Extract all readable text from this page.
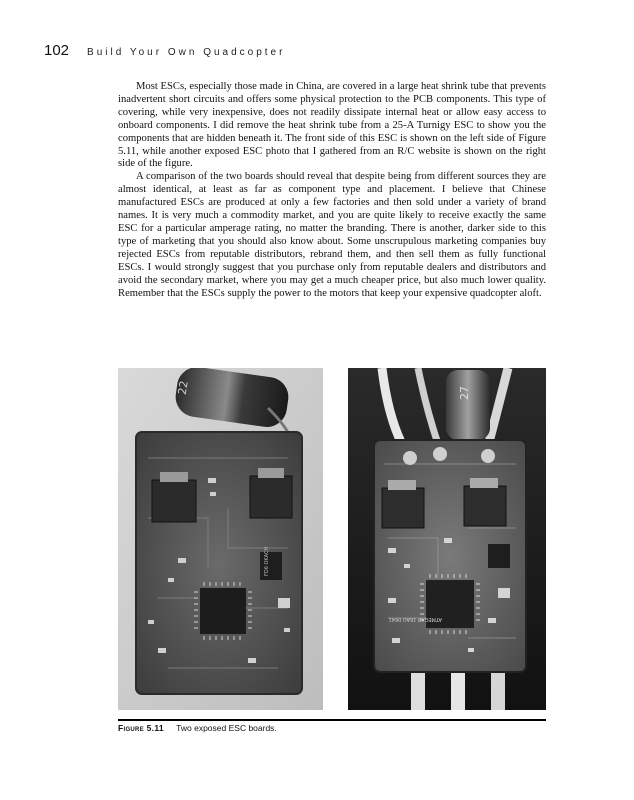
102 Build Your Own Quadcopter

Most ESCs, especially those made in China, are covered in a large heat shrink tube that prevents inadvertent short circuits and offers some physical protection to the PCB components. This type of covering, while very inexpensive, does not readily dissipate internal heat or allow easy access to onboard components. I did remove the heat shrink tube from a 25-A Turnigy ESC to show you the components that are hidden beneath it. The front side of this ESC is shown on the left side of Figure 5.11, while another exposed ESC photo that I gathered from an R/C website is shown on the right side of the figure.

A comparison of the two boards should reveal that despite being from different sources they are almost identical, at least as far as component type and placement. I believe that Chinese manufactured ESCs are produced at only a few factories and then sold under a variety of brand names. It is very much a commodity market, and you are quite likely to receive exactly the same ESC for a particular amperage rating, no matter the branding. There is another, darker side to this type of marketing that you should also know about. Some unscrupulous marketing companies buy rejected ESCs from reputable distributors, rebrand them, and then sell them as fully functional ESCs. I would strongly suggest that you purchase only from reputable dealers and distributors and avoid the secondary market, where you may get a much cheaper price, but also much lower quality. Remember that the ESCs supply the power to the motors that keep your expensive quadcopter aloft.

22
FD6 OKACH
27
ATMEGA8 16AU 0641
Figure 5.11 Two exposed ESC boards.
